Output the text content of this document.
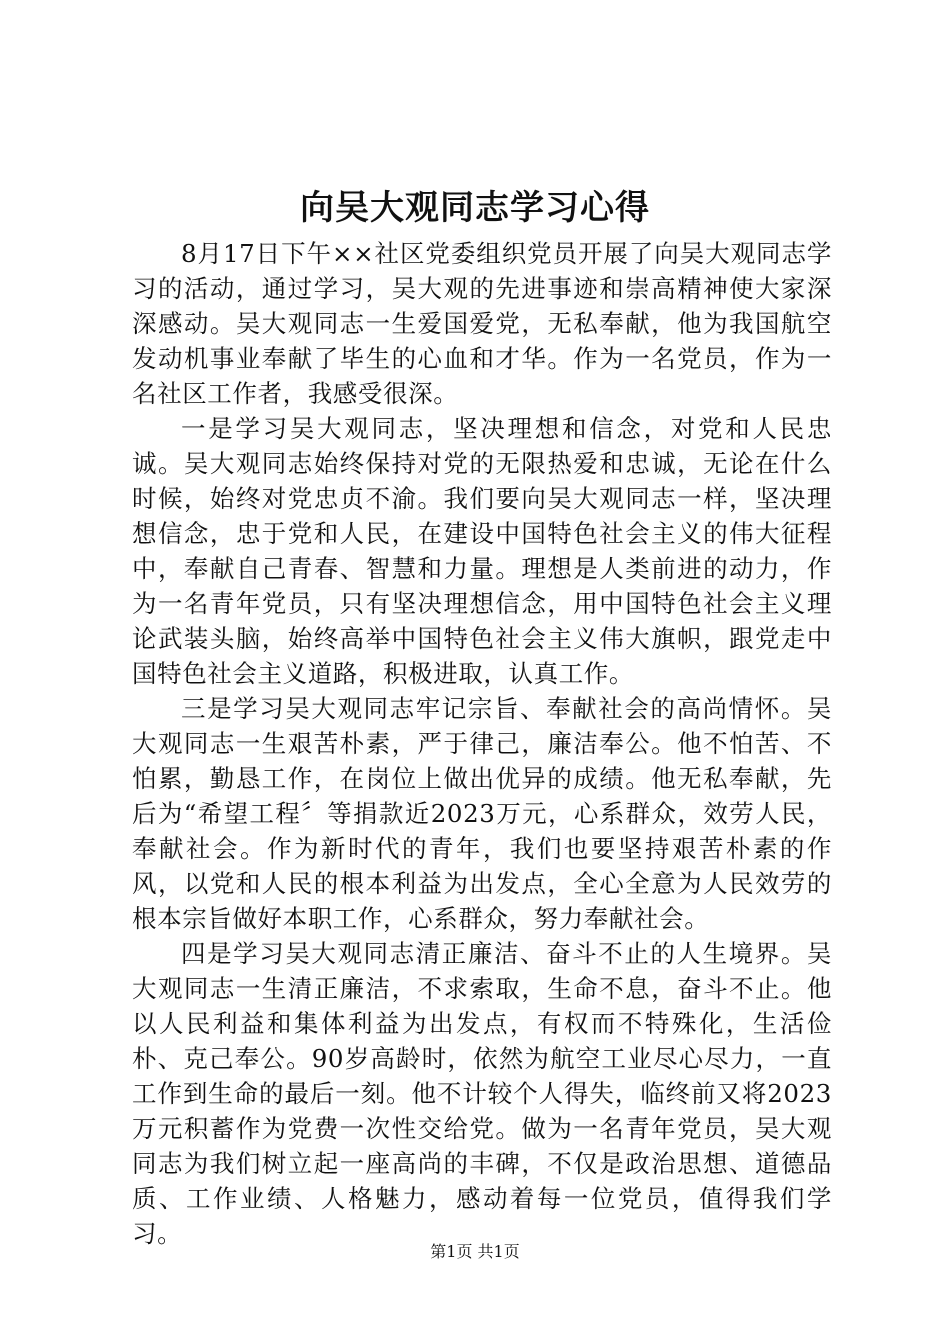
向吴大观同志学习心得

8月17日下午××社区党委组织党员开展了向吴大观同志学习的活动，通过学习，吴大观的先进事迹和崇高精神使大家深深感动。吴大观同志一生爱国爱党，无私奉献，他为我国航空发动机事业奉献了毕生的心血和才华。作为一名党员，作为一名社区工作者，我感受很深。

一是学习吴大观同志，坚决理想和信念，对党和人民忠诚。吴大观同志始终保持对党的无限热爱和忠诚，无论在什么时候，始终对党忠贞不渝。我们要向吴大观同志一样，坚决理想信念，忠于党和人民，在建设中国特色社会主义的伟大征程中，奉献自己青春、智慧和力量。理想是人类前进的动力，作为一名青年党员，只有坚决理想信念，用中国特色社会主义理论武装头脑，始终高举中国特色社会主义伟大旗帜，跟党走中国特色社会主义道路，积极进取，认真工作。

三是学习吴大观同志牢记宗旨、奉献社会的高尚情怀。吴大观同志一生艰苦朴素，严于律己，廉洁奉公。他不怕苦、不怕累，勤恳工作，在岗位上做出优异的成绩。他无私奉献，先后为“希望工程〞等捐款近2023万元，心系群众，效劳人民，奉献社会。作为新时代的青年，我们也要坚持艰苦朴素的作风，以党和人民的根本利益为出发点，全心全意为人民效劳的根本宗旨做好本职工作，心系群众，努力奉献社会。

四是学习吴大观同志清正廉洁、奋斗不止的人生境界。吴大观同志一生清正廉洁，不求索取，生命不息，奋斗不止。他以人民利益和集体利益为出发点，有权而不特殊化，生活俭朴、克己奉公。90岁高龄时，依然为航空工业尽心尽力，一直工作到生命的最后一刻。他不计较个人得失，临终前又将2023万元积蓄作为党费一次性交给党。做为一名青年党员，吴大观同志为我们树立起一座高尚的丰碑，不仅是政治思想、道德品质、工作业绩、人格魅力，感动着每一位党员，值得我们学习。

第1页 共1页
